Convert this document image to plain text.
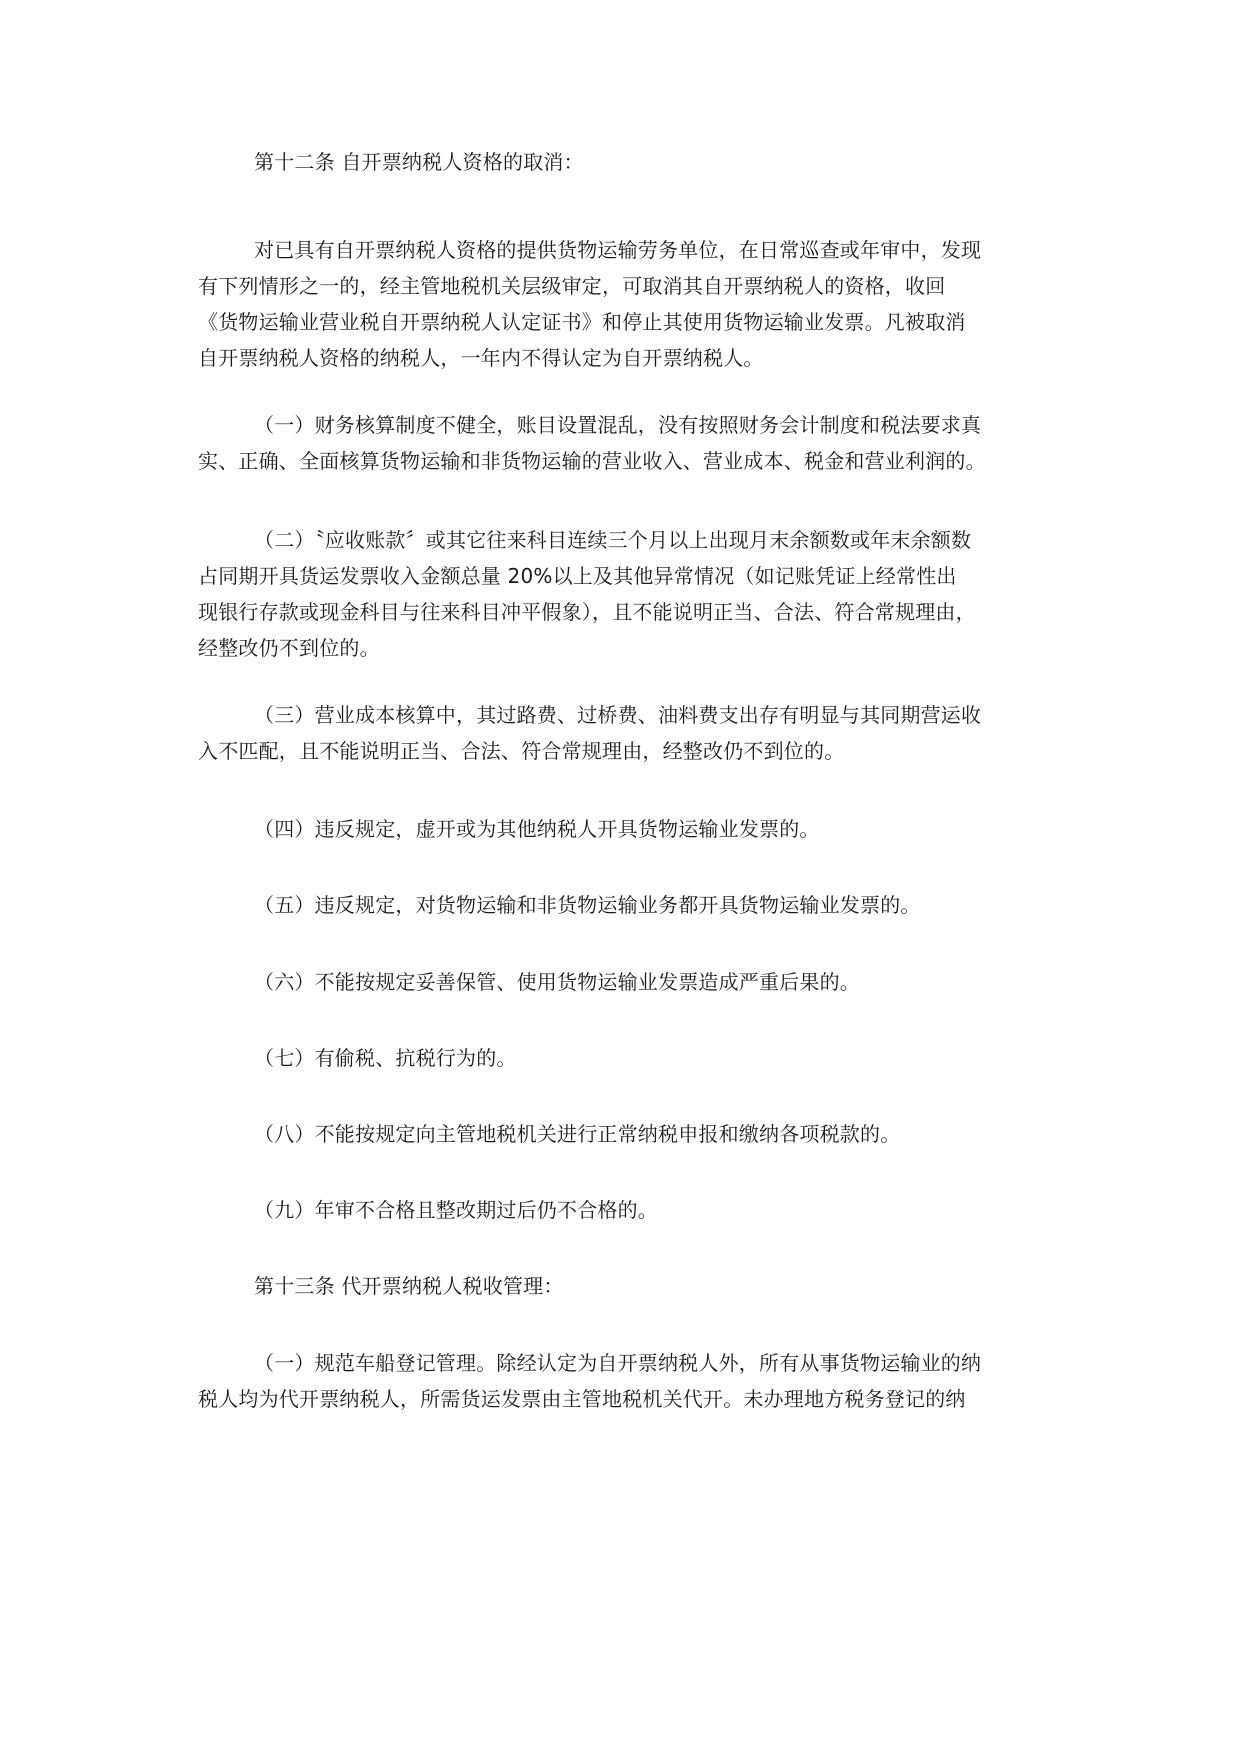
第十二条 自开票纳税人资格的取消：
对已具有自开票纳税人资格的提供货物运输劳务单位，在日常巡查或年审中，发现
有下列情形之一的，经主管地税机关层级审定，可取消其自开票纳税人的资格，收回
《货物运输业营业税自开票纳税人认定证书》和停止其使用货物运输业发票。凡被取消
自开票纳税人资格的纳税人，一年内不得认定为自开票纳税人。
（一）财务核算制度不健全，账目设置混乱，没有按照财务会计制度和税法要求真
实、正确、全面核算货物运输和非货物运输的营业收入、营业成本、税金和营业利润的。
（二）〝应收账款〞或其它往来科目连续三个月以上出现月末余额数或年末余额数
占同期开具货运发票收入金额总量 20%以上及其他异常情况（如记账凭证上经常性出
现银行存款或现金科目与往来科目冲平假象），且不能说明正当、合法、符合常规理由，
经整改仍不到位的。
（三）营业成本核算中，其过路费、过桥费、油料费支出存有明显与其同期营运收
入不匹配，且不能说明正当、合法、符合常规理由，经整改仍不到位的。
（四）违反规定，虚开或为其他纳税人开具货物运输业发票的。
（五）违反规定，对货物运输和非货物运输业务都开具货物运输业发票的。
（六）不能按规定妥善保管、使用货物运输业发票造成严重后果的。
（七）有偷税、抗税行为的。
（八）不能按规定向主管地税机关进行正常纳税申报和缴纳各项税款的。
（九）年审不合格且整改期过后仍不合格的。
第十三条 代开票纳税人税收管理：
（一）规范车船登记管理。除经认定为自开票纳税人外，所有从事货物运输业的纳
税人均为代开票纳税人，所需货运发票由主管地税机关代开。未办理地方税务登记的纳
